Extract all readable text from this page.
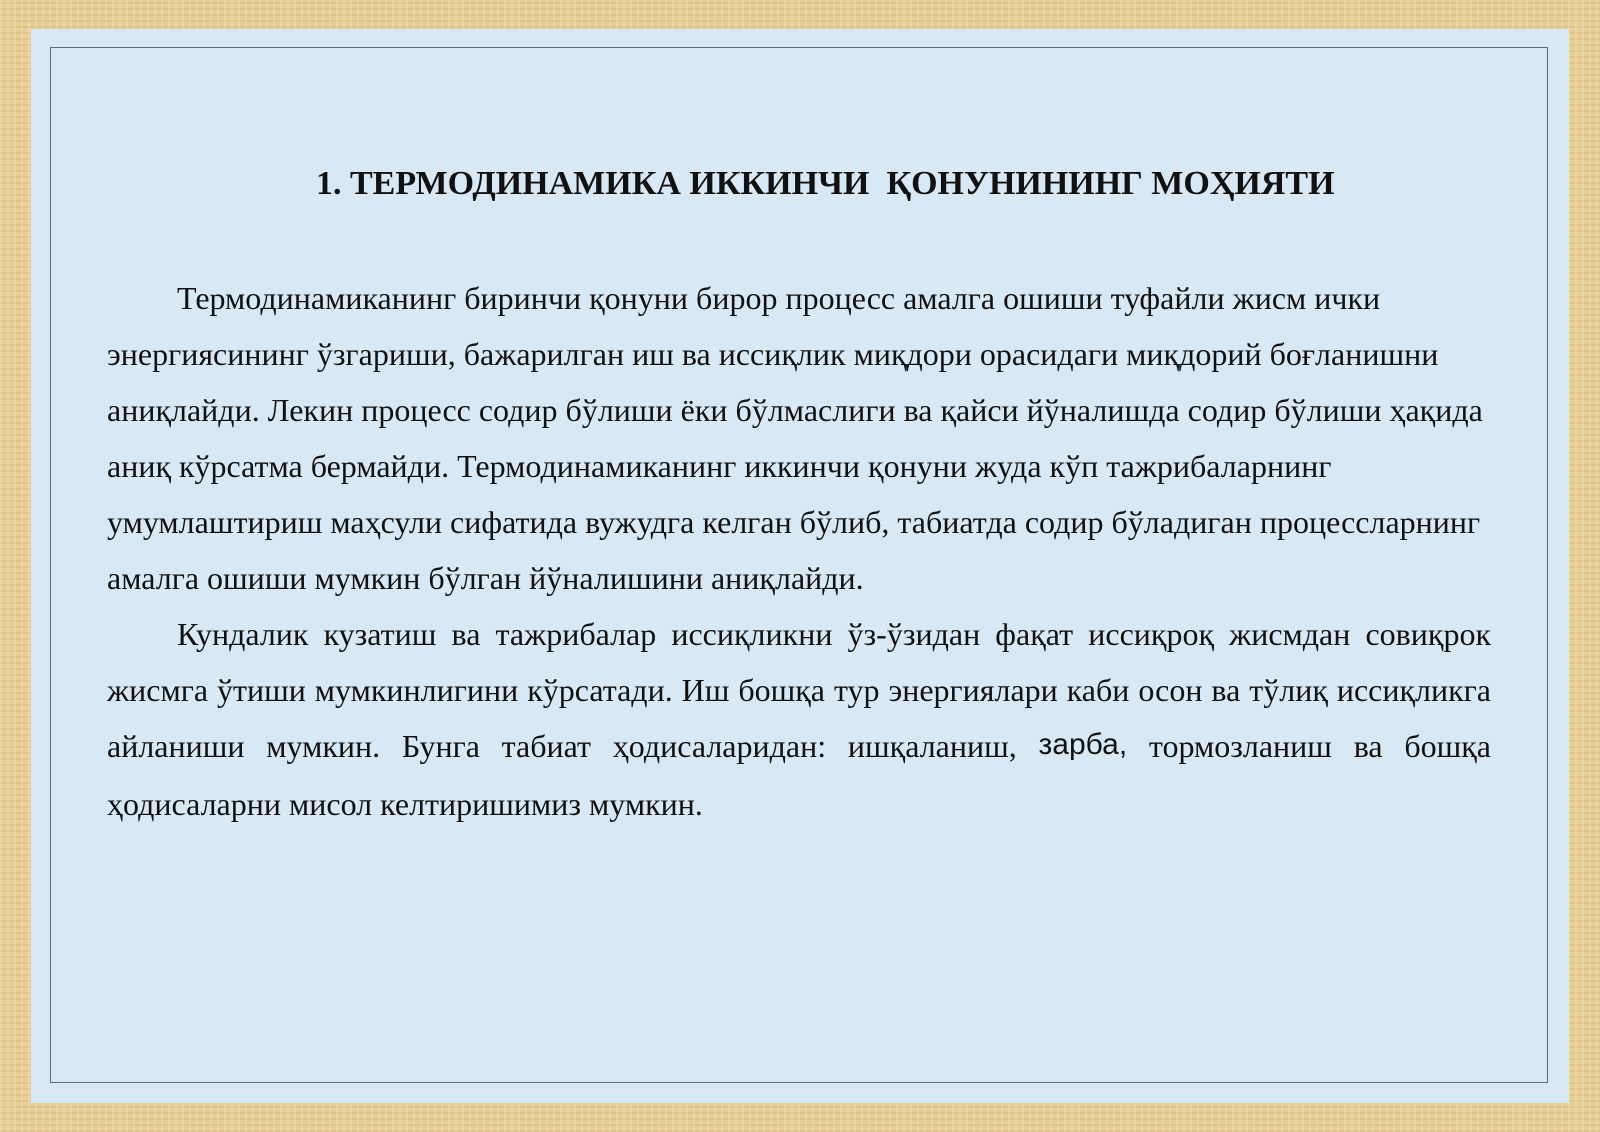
1. ТЕРМОДИНАМИКА ИККИНЧИ  ҚОНУНИНИНГ МОҲИЯТИ

Термодинамиканинг биринчи қонуни бирор процесс амалга ошиши туфайли жисм ички энергиясининг ўзгариши, бажарилган иш ва иссиқлик миқдори орасидаги миқдорий боғланишни аниқлайди. Лекин процесс содир бўлиши ёки бўлмаслиги ва қайси йўналишда содир бўлиши ҳақида аниқ кўрсатма бермайди. Термодинамиканинг иккинчи қонуни жуда кўп тажрибаларнинг умумлаштириш маҳсули сифатида вужудга келган бўлиб, табиатда содир бўладиган процессларнинг амалга ошиши мумкин бўлган йўналишини аниқлайди.

Кундалик кузатиш ва тажрибалар иссиқликни ўз-ўзидан фақат иссиқроқ жисмдан совиқрок жисмга ўтиши мумкинлигини кўрсатади. Иш бошқа тур энергиялари каби осон ва тўлиқ иссиқликга айланиши мумкин. Бунга табиат ҳодисаларидан: ишқаланиш, зарба, тормозланиш ва бошқа ҳодисаларни мисол келтиришимиз мумкин.
